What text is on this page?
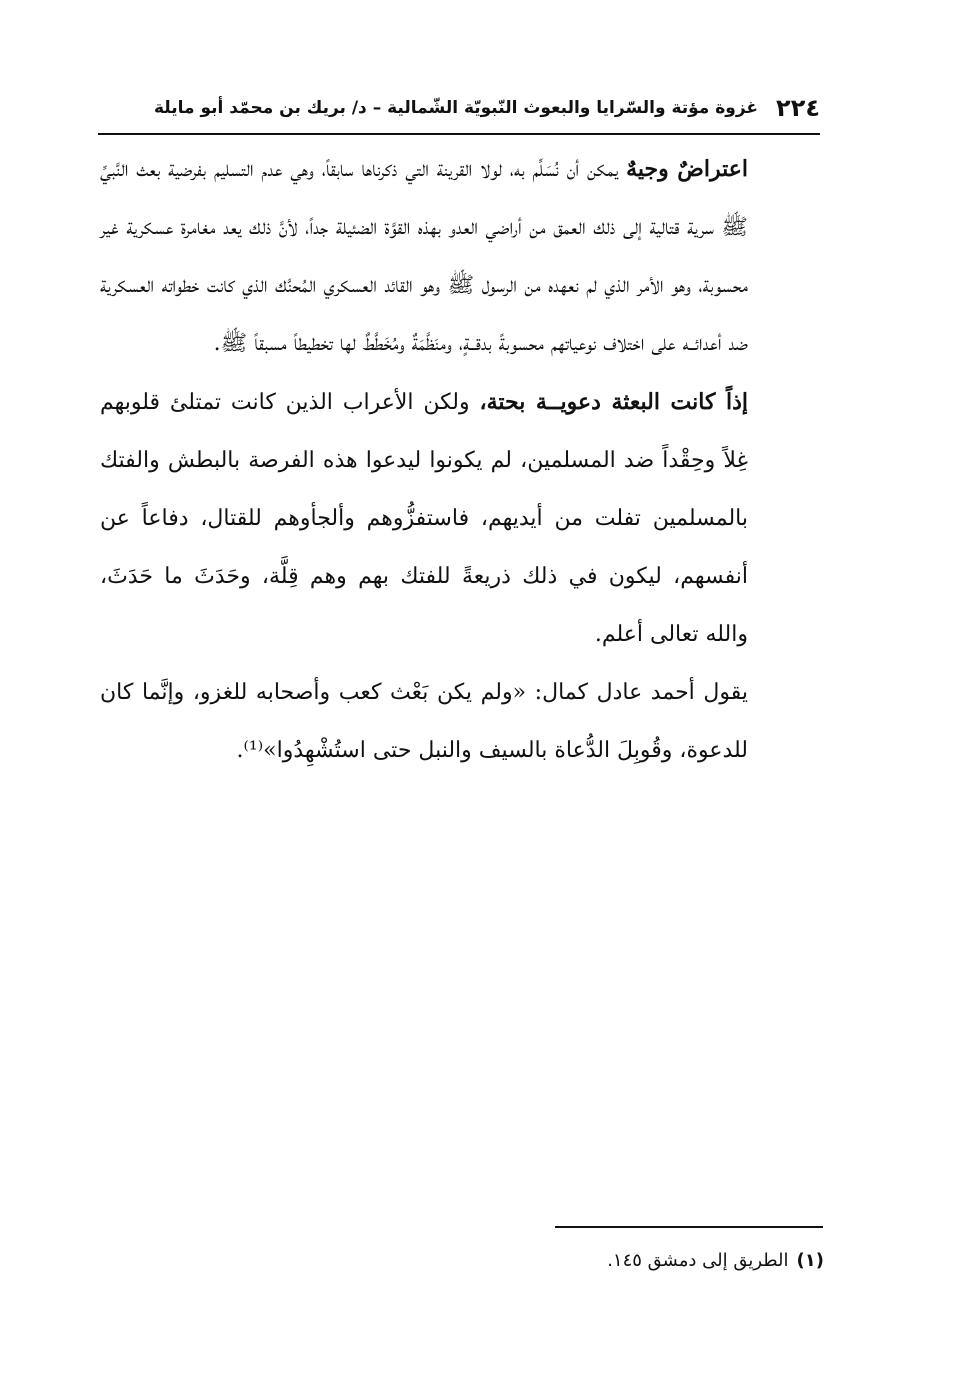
٢٢٤
غزوة مؤتة والسّرايا والبعوث النّبويّة الشّمالية – د/ بريك بن محمّد أبو مايلة

اعتراضٌ وجيهٌ يمكن أن نُسَلِّم به، لولا القرينة التي ذكرناها سابقاً، وهي عدم التسليم بفرضية بعث النَّبيِّ ﷺ سرية قتالية إلى ذلك العمق من أراضي العدو بهذه القوَّة الضئيلة جداً، لأنَّ ذلك يعد مغامرة عسكرية غير محسوبة، وهو الأمر الذي لم نعهده من الرسول ﷺ وهو القائد العسكري المُحنَّك الذي كانت خطواته العسكرية ضد أعدائــه على اختلاف نوعياتهم محسوبةً بدقــةٍ، ومنَظَّمَةٌ ومُخَطَّطٌ لها تخطيطاً مسبقاً ﷺ.

إذاً كانت البعثة دعويــة بحتة، ولكن الأعراب الذين كانت تمتلئ قلوبهم غِلاً وحِقْداً ضد المسلمين، لم يكونوا ليدعوا هذه الفرصة بالبطش والفتك بالمسلمين تفلت من أيديهم، فاستفزُّوهم وألجأوهم للقتال، دفاعاً عن أنفسهم، ليكون في ذلك ذريعةً للفتك بهم وهم قِلَّة، وحَدَثَ ما حَدَثَ، والله تعالى أعلم.

يقول أحمد عادل كمال: «ولم يكن بَعْث كعب وأصحابه للغزو، وإنَّما كان للدعوة، وقُوبِلَ الدُّعاة بالسيف والنبل حتى استُشْهِدُوا»⁽¹⁾.

(١)الطريق إلى دمشق ١٤٥.
